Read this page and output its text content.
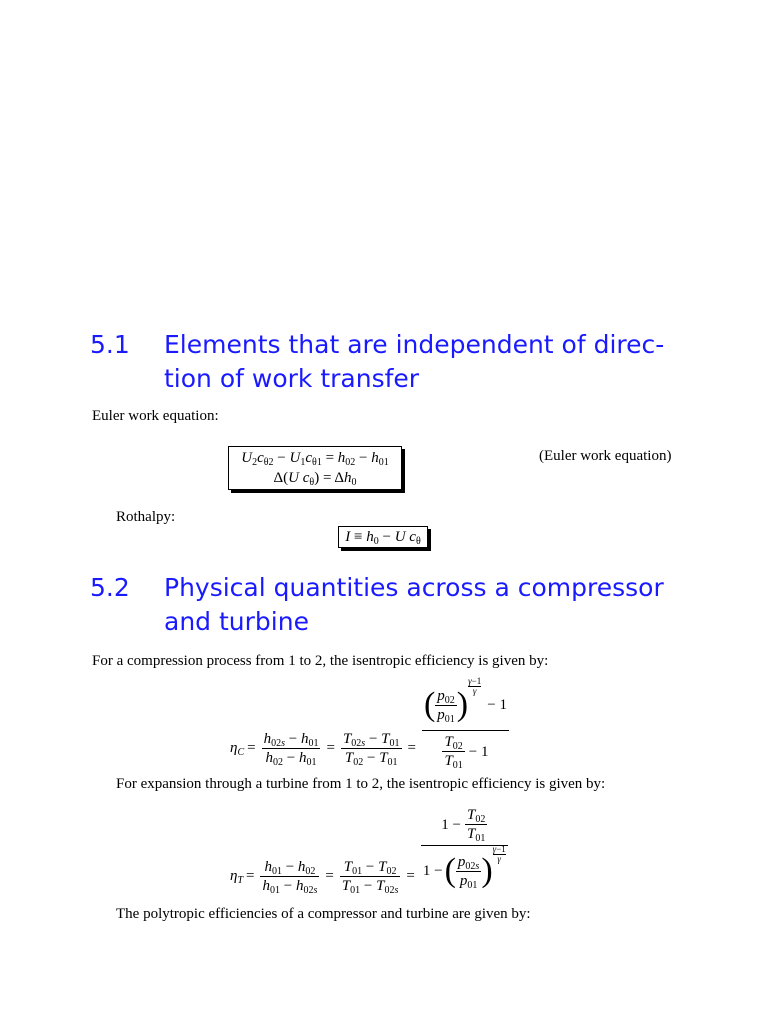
5.1	Elements that are independent of direc-
tion of work transfer
Euler work equation:
$U_2c_{\theta 2} - U_1c_{\theta 1} = h_{02} - h_{01}$
Δ(U $c_\theta) = \Delta h_0$
(Euler work equation)
Rothalpy:
$I \equiv h_0 - U$ $c_\theta$
5.2	Physical quantities across a compressor
and turbine
For a compression process from 1 to 2, the isentropic efficiency is given by:
$\eta_C = \frac{h_{02s} - h_{01}}{h_{02} - h_{01}} = \frac{T_{02s} - T_{01}}{T_{02} - T_{01}}$ =
( $\frac{p_{02}}{p_{01}}$ )
γ−1
γ
− 1
$\frac{T_{02}}{T_{01}} - 1$
For expansion through a turbine from 1 to 2, the isentropic efficiency is given by:
$\eta_T = \frac{h_{01} - h_{02}}{h_{01} - h_{02s}} = \frac{T_{01} - T_{02}}{T_{01} - T_{02s}}$ =
$1 - \frac{T_{02}}{T_{01}}$
1 − ( $\frac{p_{02s}}{p_{01}}$ )
γ−1
γ
The polytropic efficiencies of a compressor and turbine are given by:
